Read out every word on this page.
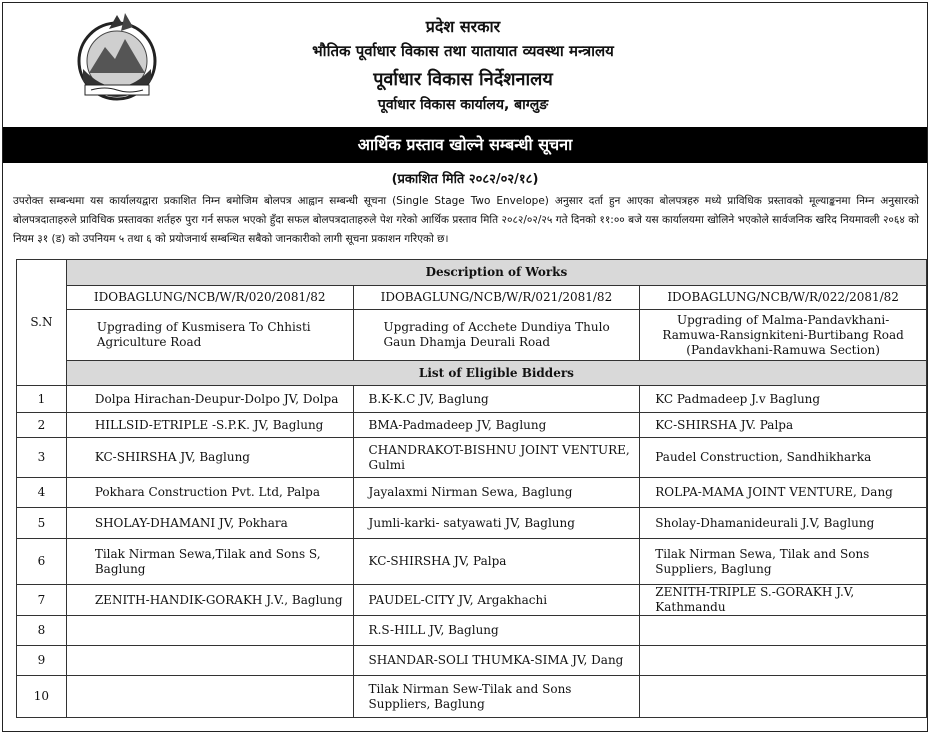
प्रदेश सरकार
भौतिक पूर्वाधार विकास तथा यातायात व्यवस्था मन्त्रालय
पूर्वाधार विकास निर्देशनालय
पूर्वाधार विकास कार्यालय, बाग्लुङ
आर्थिक प्रस्ताव खोल्ने सम्बन्धी सूचना
(प्रकाशित मिति २०८२/०२/१८)
उपरोक्त सम्बन्धमा यस कार्यालयद्वारा प्रकाशित निम्न बमोजिम बोलपत्र आह्वान सम्बन्धी सूचना (Single Stage Two Envelope) अनुसार दर्ता हुन आएका बोलपत्रहरु मध्ये प्राविधिक प्रस्तावको मूल्याङ्कनमा निम्न अनुसारको बोलपत्रदाताहरुले प्राविधिक प्रस्तावका शर्तहरु पुरा गर्न सफल भएको हुँदा सफल बोलपत्रदाताहरुले पेश गरेको आर्थिक प्रस्ताव मिति २०८२/०२/२५ गते दिनको ११:०० बजे यस कार्यालयमा खोलिने भएकोले सार्वजनिक खरिद नियमावली २०६४ को नियम ३१ (ड) को उपनियम ५ तथा ६ को प्रयोजनार्थ सम्बन्धित सबैको जानकारीको लागी सूचना प्रकाशन गरिएको छ।
S.N	Description of Works		
	IDOBAGLUNG/NCB/W/R/020/2081/82	IDOBAGLUNG/NCB/W/R/021/2081/82	IDOBAGLUNG/NCB/W/R/022/2081/82
	Upgrading of Kusmisera To Chhisti Agriculture Road	Upgrading of Acchete Dundiya Thulo Gaun Dhamja Deurali Road	Upgrading of Malma-Pandavkhani-Ramuwa-Ransignkiteni-Burtibang Road (Pandavkhani-Ramuwa Section)
	List of Eligible Bidders		
1	Dolpa Hirachan-Deupur-Dolpo JV, Dolpa	B.K-K.C JV, Baglung	KC Padmadeep J.v Baglung
2	HILLSID-ETRIPLE -S.P.K. JV, Baglung	BMA-Padmadeep JV, Baglung	KC-SHIRSHA JV. Palpa
3	KC-SHIRSHA JV, Baglung	CHANDRAKOT-BISHNU JOINT VENTURE, Gulmi	Paudel Construction, Sandhikharka
4	Pokhara Construction Pvt. Ltd, Palpa	Jayalaxmi Nirman Sewa, Baglung	ROLPA-MAMA JOINT VENTURE, Dang
5	SHOLAY-DHAMANI JV, Pokhara	Jumli-karki- satyawati JV, Baglung	Sholay-Dhamanideurali J.V, Baglung
6	Tilak Nirman Sewa,Tilak and Sons S, Baglung	KC-SHIRSHA JV, Palpa	Tilak Nirman Sewa, Tilak and Sons Suppliers, Baglung
7	ZENITH-HANDIK-GORAKH J.V., Baglung	PAUDEL-CITY JV, Argakhachi	ZENITH-TRIPLE S.-GORAKH J.V, Kathmandu
8		R.S-HILL JV, Baglung	
9		SHANDAR-SOLI THUMKA-SIMA JV, Dang	
10		Tilak Nirman Sew-Tilak and Sons Suppliers, Baglung	
